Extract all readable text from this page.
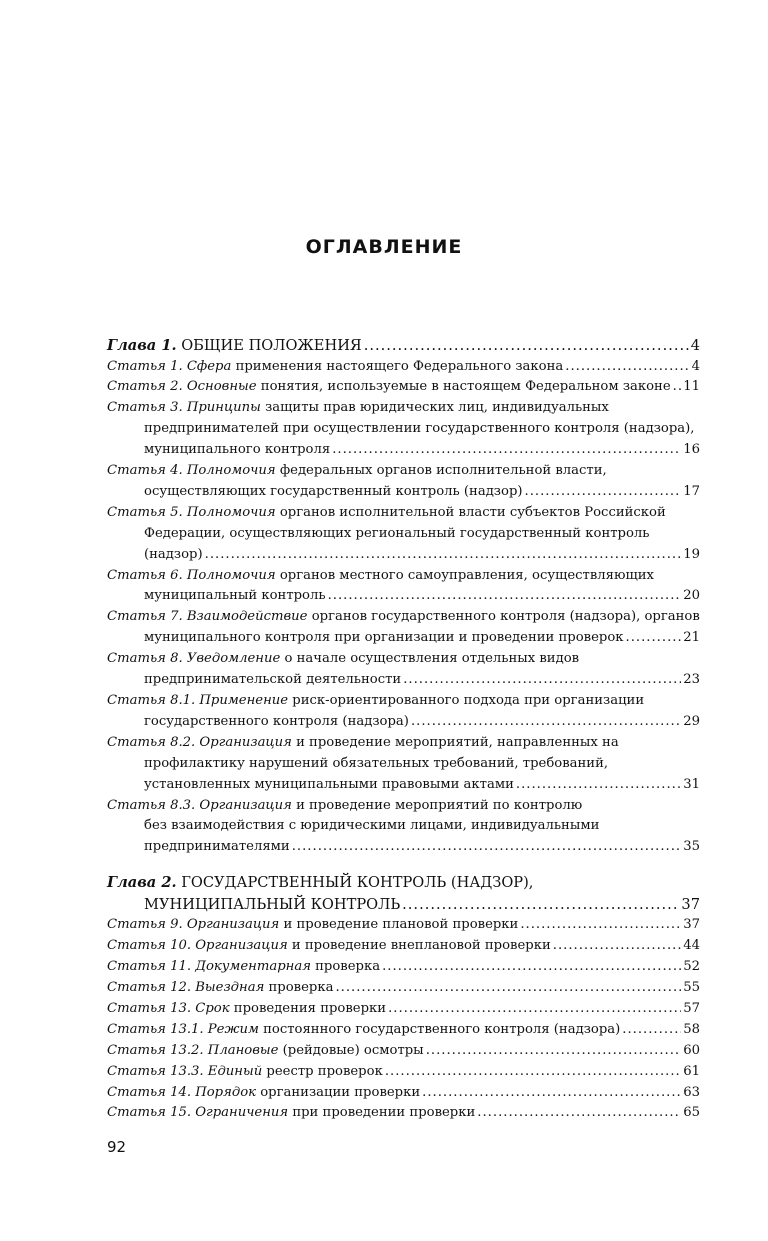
ОГЛАВЛЕНИЕ
Глава 1. ОБЩИЕ ПОЛОЖЕНИЯ .....	4
Статья 1. Сфера применения настоящего Федерального закона .....	4
Статья 2. Основные понятия, используемые в настоящем Федеральном законе ..... 11
Статья 3. Принципы защиты прав юридических лиц, индивидуальных
предпринимателей при осуществлении государственного контроля (надзора),
муниципального контроля .....	16
Статья 4. Полномочия федеральных органов исполнительной власти,
осуществляющих государственный контроль (надзор) .....	17
Статья 5. Полномочия органов исполнительной власти субъектов Российской
Федерации, осуществляющих региональный государственный контроль
(надзор) .....	19
Статья 6. Полномочия органов местного самоуправления, осуществляющих
муниципальный контроль .....	20
Статья 7. Взаимодействие органов государственного контроля (надзора), органов
муниципального контроля при организации и проведении проверок .....	21
Статья 8. Уведомление о начале осуществления отдельных видов
предпринимательской деятельности .....	23
Статья 8.1. Применение риск-ориентированного подхода при организации
государственного контроля (надзора) .....	29
Статья 8.2. Организация и проведение мероприятий, направленных на
профилактику нарушений обязательных требований, требований,
установленных муниципальными правовыми актами .....	31
Статья 8.3. Организация и проведение мероприятий по контролю
без взаимодействия с юридическими лицами, индивидуальными
предпринимателями .....	35
Глава 2. ГОСУДАРСТВЕННЫЙ КОНТРОЛЬ (НАДЗОР),
МУНИЦИПАЛЬНЫЙ КОНТРОЛЬ .....	37
Статья 9. Организация и проведение плановой проверки .....	37
Статья 10. Организация и проведение внеплановой проверки .....	44
Статья 11. Документарная проверка .....	52
Статья 12. Выездная проверка .....	55
Статья 13. Срок проведения проверки .....	57
Статья 13.1. Режим постоянного государственного контроля (надзора) .....	58
Статья 13.2. Плановые (рейдовые) осмотры .....	60
Статья 13.3. Единый реестр проверок .....	61
Статья 14. Порядок организации проверки .....	63
Статья 15. Ограничения при проведении проверки .....	65
92
